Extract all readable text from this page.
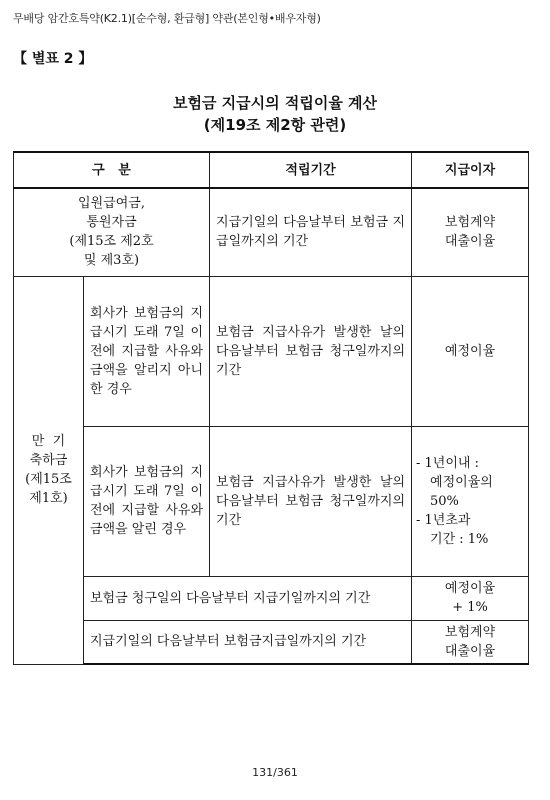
무배당 암간호특약(K2.1)[순수형, 환급형] 약관(본인형•배우자형)
【 별표 2 】
보험금 지급시의 적립이율 계산
(제19조 제2항 관련)
구   분		적립기간	지급이자

입원급여금,
통원자금
(제15조 제2호
및 제3호)		지급기일의 다음날부터 보험금 지급일까지의 기간	보험계약
대출이율

만  기
축하금
(제15조
제1호)	회사가 보험금의 지급시기 도래 7일 이전에 지급할 사유와 금액을 알리지 아니한 경우	보험금 지급사유가 발생한 날의 다음날부터 보험금 청구일까지의 기간	예정이율
	회사가 보험금의 지급시기 도래 7일 이전에 지급할 사유와 금액을 알린 경우	보험금 지급사유가 발생한 날의 다음날부터 보험금 청구일까지의 기간	- 1년이내 :
예정이율의
50%
- 1년초과
기간 : 1%

	보험금 청구일의 다음날부터 지급기일까지의 기간		예정이율
+ 1%

	지급기일의 다음날부터 보험금지급일까지의 기간		보험계약
대출이율
131/361
